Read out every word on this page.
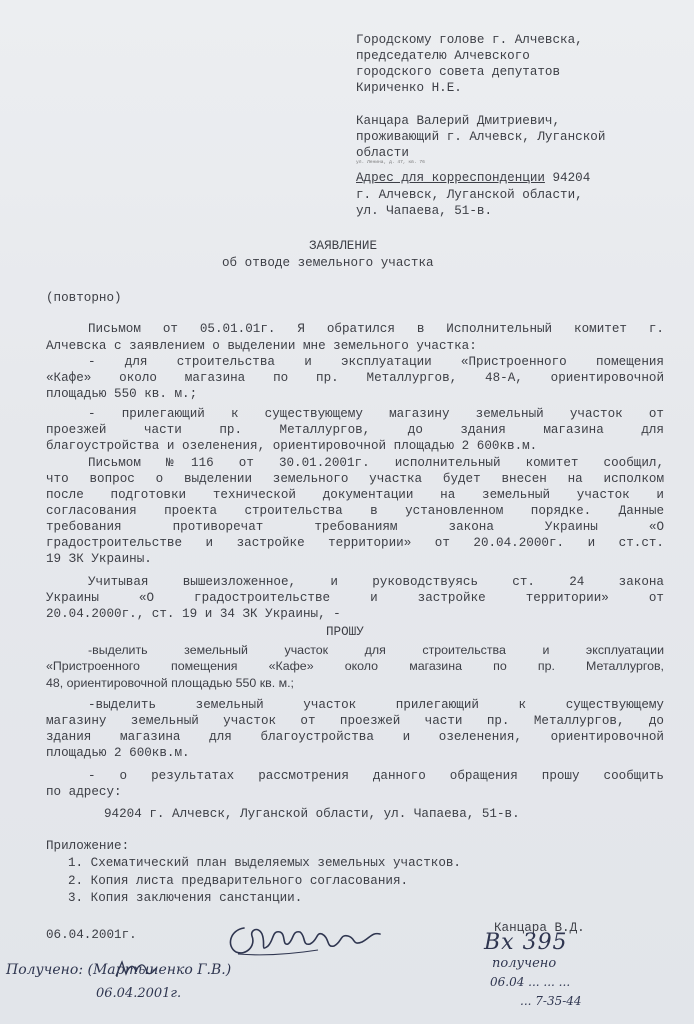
Городскому голове г. Алчевска,
председателю Алчевского
городского совета депутатов
Кириченко Н.Е.
Канцара Валерий Дмитриевич,
проживающий г. Алчевск, Луганской
области
ул. Ленина, д. 47, кв. 76
Адрес для корреспонденции 94204
г. Алчевск, Луганской области,
ул. Чапаева, 51-в.
ЗАЯВЛЕНИЕ
об отводе земельного участка
(повторно)
Письмом от 05.01.01г. Я обратился в Исполнительный комитет г.
Алчевска с заявлением о выделении мне земельного участка:
- для строительства и эксплуатации «Пристроенного помещения
«Кафе» около магазина по пр. Металлургов, 48-А, ориентировочной
площадью 550 кв. м.;
- прилегающий к существующему магазину земельный участок от
проезжей части пр. Металлургов, до здания магазина для
благоустройства и озеленения, ориентировочной площадью 2 600кв.м.
Письмом №116 от 30.01.2001г. исполнительный комитет сообщил,
что вопрос о выделении земельного участка будет внесен на исполком
после подготовки технической документации на земельный участок и
согласования проекта строительства в установленном порядке. Данные
требования противоречат требованиям закона Украины «О
градостроительстве и застройке территории» от 20.04.2000г. и ст.ст.
19 ЗК Украины.
Учитывая вышеизложенное, и руководствуясь ст. 24 закона
Украины «О градостроительстве и застройке территории» от
20.04.2000г., ст. 19 и 34 ЗК Украины, -
ПРОШУ
-выделить земельный участок для строительства и эксплуатации
«Пристроенного помещения «Кафе» около магазина по пр. Металлургов,
48, ориентировочной площадью 550 кв. м.;
-выделить земельный участок прилегающий к существующему
магазину земельный участок от проезжей части пр. Металлургов, до
здания магазина для благоустройства и озеленения, ориентировочной
площадью 2 600кв.м.
- о результатах рассмотрения данного обращения прошу сообщить
по адресу:
94204 г. Алчевск, Луганской области, ул. Чапаева, 51-в.
Приложение:
1. Схематический план выделяемых земельных участков.
2. Копия листа предварительного согласования.
3. Копия заключения санстанции.
06.04.2001г.	Канцара В.Д.
Получено: (Мартыненко Г.В.)
06.04.2001г.
Вх 395
получено
06.04 ... ... ...
... 7-35-44
